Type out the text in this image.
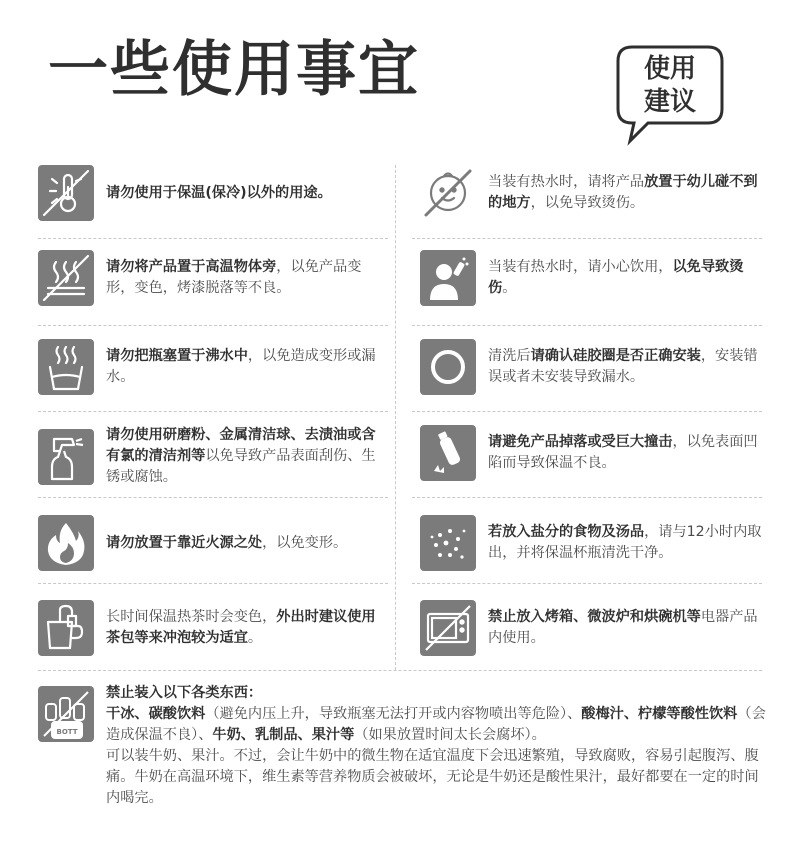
一些使用事宜	使用
建议
请勿使用于保温(保冷)以外的用途。
当装有热水时，请将产品放置于幼儿碰不到的地方，以免导致烫伤。
请勿将产品置于高温物体旁，以免产品变形，变色，烤漆脱落等不良。
当装有热水时，请小心饮用，以免导致烫伤。
请勿把瓶塞置于沸水中，以免造成变形或漏水。
清洗后请确认硅胶圈是否正确安装，安装错误或者未安装导致漏水。
请勿使用研磨粉、金属清洁球、去渍油或含有氯的清洁剂等以免导致产品表面刮伤、生锈或腐蚀。
请避免产品掉落或受巨大撞击，以免表面凹陷而导致保温不良。
请勿放置于靠近火源之处，以免变形。
若放入盐分的食物及汤品，请与12小时内取出，并将保温杯瓶清洗干净。
长时间保温热茶时会变色，外出时建议使用茶包等来冲泡较为适宜。
禁止放入烤箱、微波炉和烘碗机等电器产品内使用。
BOTT
禁止装入以下各类东西：
干冰、碳酸饮料（避免内压上升，导致瓶塞无法打开或内容物喷出等危险）、酸梅汁、柠檬等酸性饮料（会造成保温不良）、牛奶、乳制品、果汁等（如果放置时间太长会腐坏）。
可以装牛奶、果汁。不过，会让牛奶中的微生物在适宜温度下会迅速繁殖，导致腐败，容易引起腹泻、腹痛。牛奶在高温环境下，维生素等营养物质会被破坏，无论是牛奶还是酸性果汁，最好都要在一定的时间内喝完。
